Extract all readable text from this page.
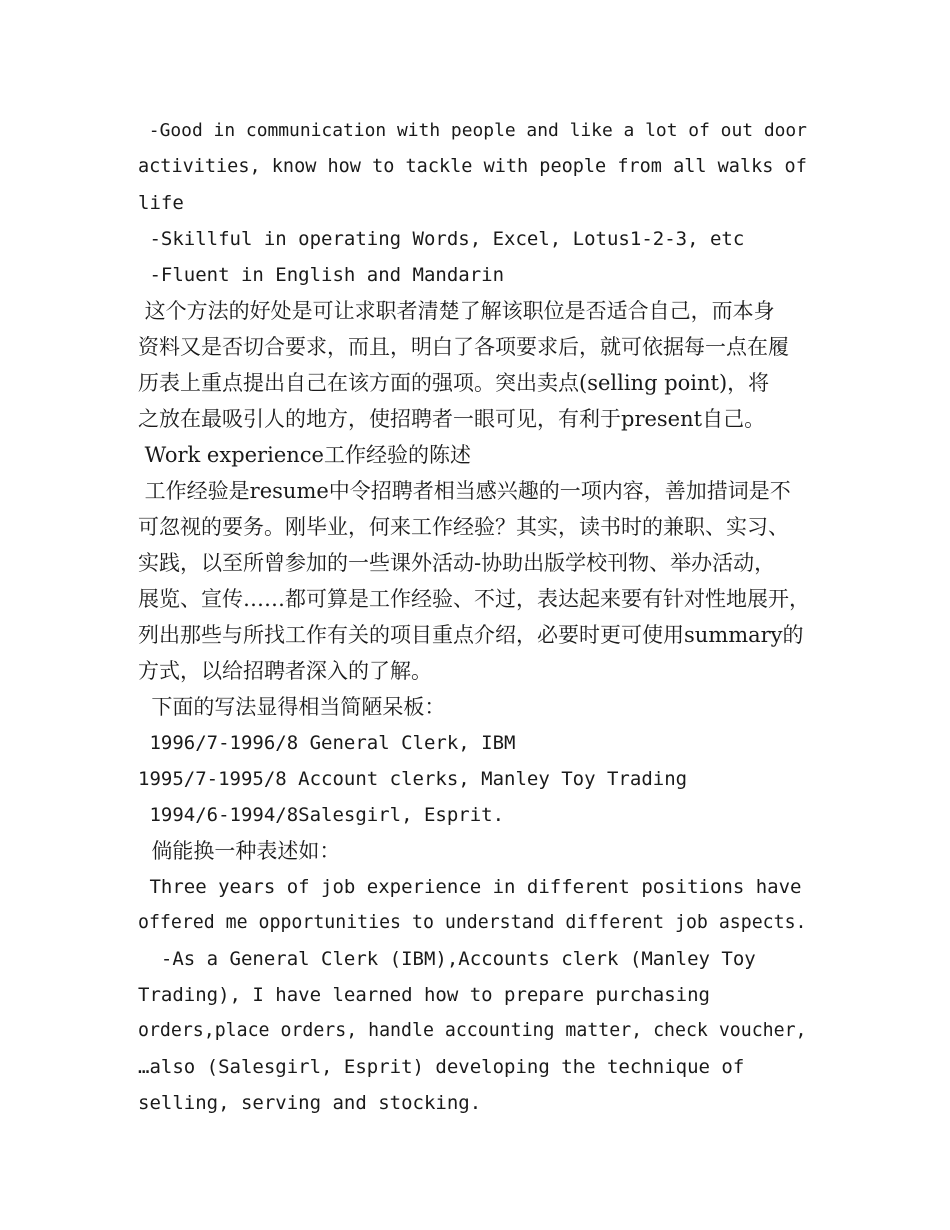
-Good in communication with people and like a lot of out door
activities, know how to tackle with people from all walks of
life
-Skillful in operating Words, Excel, Lotus1-2-3, etc
-Fluent in English and Mandarin
这个方法的好处是可让求职者清楚了解该职位是否适合自己，而本身
资料又是否切合要求，而且，明白了各项要求后，就可依据每一点在履
历表上重点提出自己在该方面的强项。突出卖点(selling point)，将
之放在最吸引人的地方，使招聘者一眼可见，有利于present自己。
Work experience工作经验的陈述
工作经验是resume中令招聘者相当感兴趣的一项内容，善加措词是不
可忽视的要务。刚毕业，何来工作经验？其实，读书时的兼职、实习、
实践，以至所曾参加的一些课外活动-协助出版学校刊物、举办活动，
展览、宣传……都可算是工作经验、不过，表达起来要有针对性地展开，
列出那些与所找工作有关的项目重点介绍，必要时更可使用summary的
方式，以给招聘者深入的了解。
下面的写法显得相当简陋呆板：
1996/7-1996/8 General Clerk, IBM
1995/7-1995/8 Account clerks, Manley Toy Trading
1994/6-1994/8Salesgirl, Esprit.
倘能换一种表述如：
Three years of job experience in different positions have
offered me opportunities to understand different job aspects.
-As a General Clerk (IBM),Accounts clerk (Manley Toy
Trading), I have learned how to prepare purchasing
orders,place orders, handle accounting matter, check voucher,
…also (Salesgirl, Esprit) developing the technique of
selling, serving and stocking.
